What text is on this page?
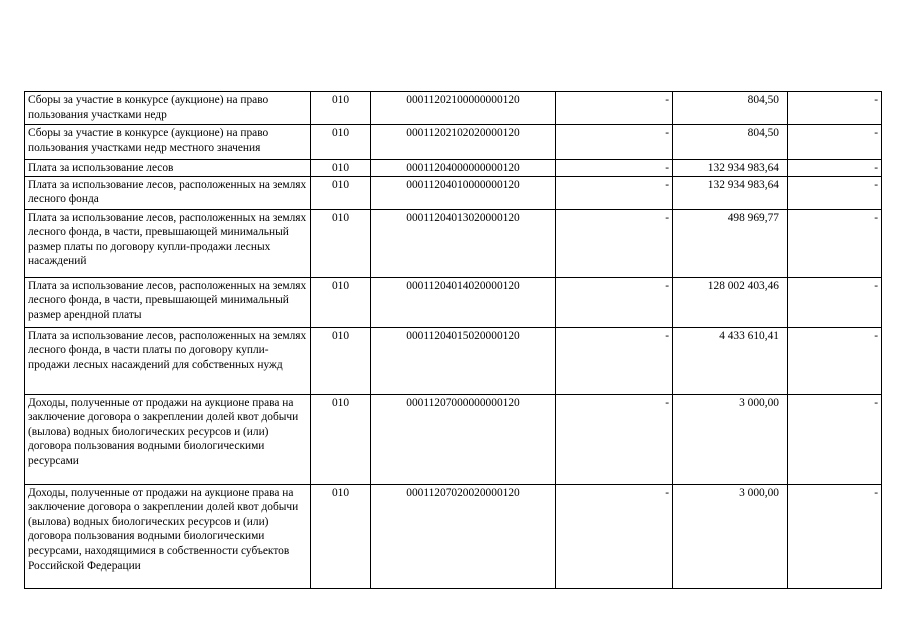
Сборы за участие в конкурсе (аукционе) на право пользования участками недр	010	00011202100000000120	-	804,50	-
Сборы за участие в конкурсе (аукционе) на право пользования участками недр местного значения	010	00011202102020000120	-	804,50	-
Плата за использование лесов	010	00011204000000000120	-	132 934 983,64	-
Плата за использование лесов, расположенных на землях лесного фонда	010	00011204010000000120	-	132 934 983,64	-
Плата за использование лесов, расположенных на землях лесного фонда, в части, превышающей минимальный размер платы по договору купли-продажи лесных насаждений	010	00011204013020000120	-	498 969,77	-
Плата за использование лесов, расположенных на землях лесного фонда, в части, превышающей минимальный размер арендной платы	010	00011204014020000120	-	128 002 403,46	-
Плата за использование лесов, расположенных на землях лесного фонда, в части платы по договору купли-продажи лесных насаждений для собственных нужд	010	00011204015020000120	-	4 433 610,41	-
Доходы, полученные от продажи на аукционе права на заключение договора о закреплении долей квот добычи (вылова) водных биологических ресурсов и (или) договора пользования водными биологическими ресурсами	010	00011207000000000120	-	3 000,00	-
Доходы, полученные от продажи на аукционе права на заключение договора о закреплении долей квот добычи (вылова) водных биологических ресурсов и (или) договора пользования водными биологическими ресурсами, находящимися в собственности субъектов Российской Федерации	010	00011207020020000120	-	3 000,00	-
